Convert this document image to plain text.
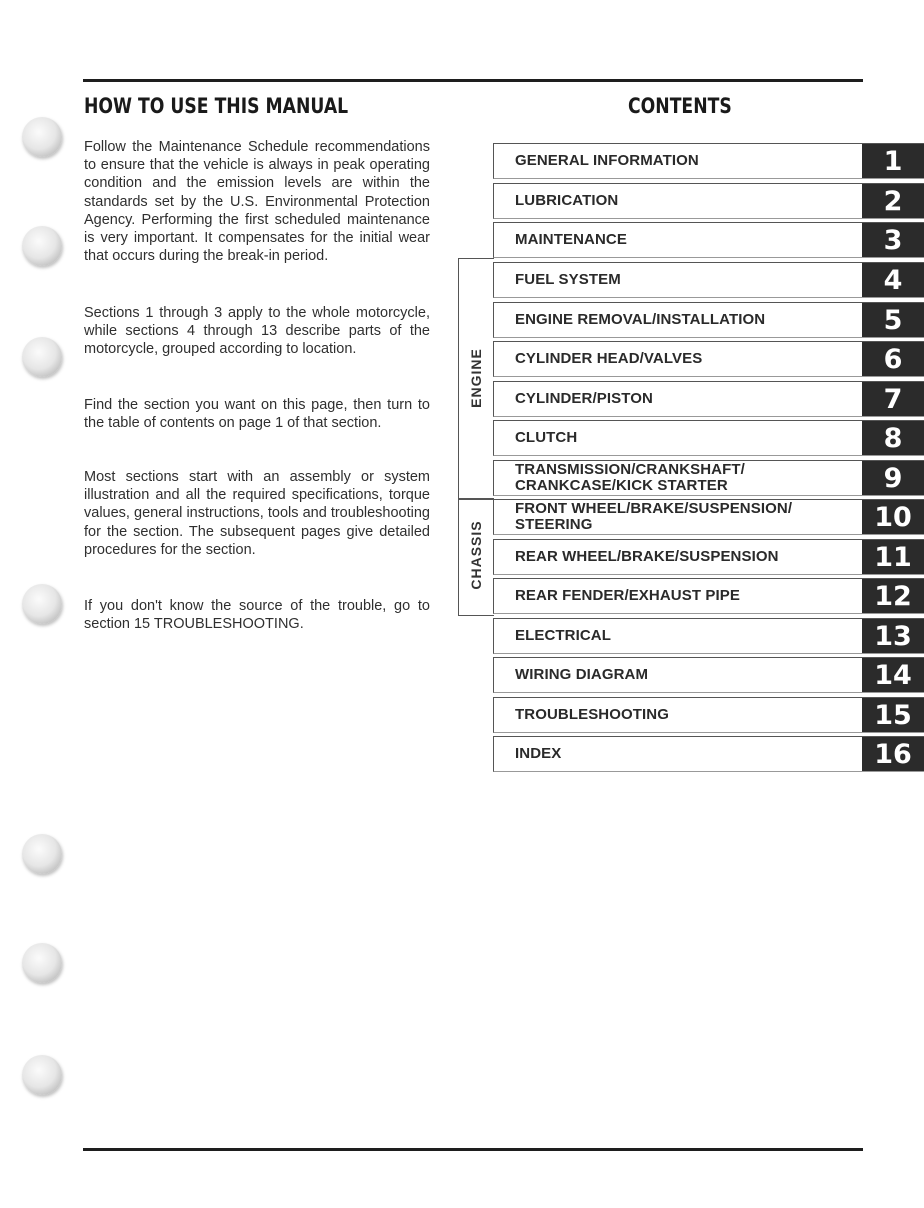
HOW TO USE THIS MANUAL	CONTENTS

Follow the Maintenance Schedule recommendations to ensure that the vehicle is always in peak operating condition and the emission levels are within the standards set by the U.S. Environmental Protection Agency. Performing the first scheduled maintenance is very important. It compensates for the initial wear that occurs during the break-in period.

Sections 1 through 3 apply to the whole motorcycle, while sections 4 through 13 describe parts of the motorcycle, grouped according to location.

Find the section you want on this page, then turn to the table of contents on page 1 of that section.

Most sections start with an assembly or system illustration and all the required specifications, torque values, general instructions, tools and troubleshooting for the section. The subsequent pages give detailed procedures for the section.

If you don't know the source of the trouble, go to section 15 TROUBLESHOOTING.

ENGINE
CHASSIS
GENERAL INFORMATION	1
LUBRICATION	2
MAINTENANCE	3
FUEL SYSTEM	4
ENGINE REMOVAL/INSTALLATION	5
CYLINDER HEAD/VALVES	6
CYLINDER/PISTON	7
CLUTCH	8
TRANSMISSION/CRANKSHAFT/
CRANKCASE/KICK STARTER	9
FRONT WHEEL/BRAKE/SUSPENSION/
STEERING	10
REAR WHEEL/BRAKE/SUSPENSION	11
REAR FENDER/EXHAUST PIPE	12
ELECTRICAL	13
WIRING DIAGRAM	14
TROUBLESHOOTING	15
INDEX	16
